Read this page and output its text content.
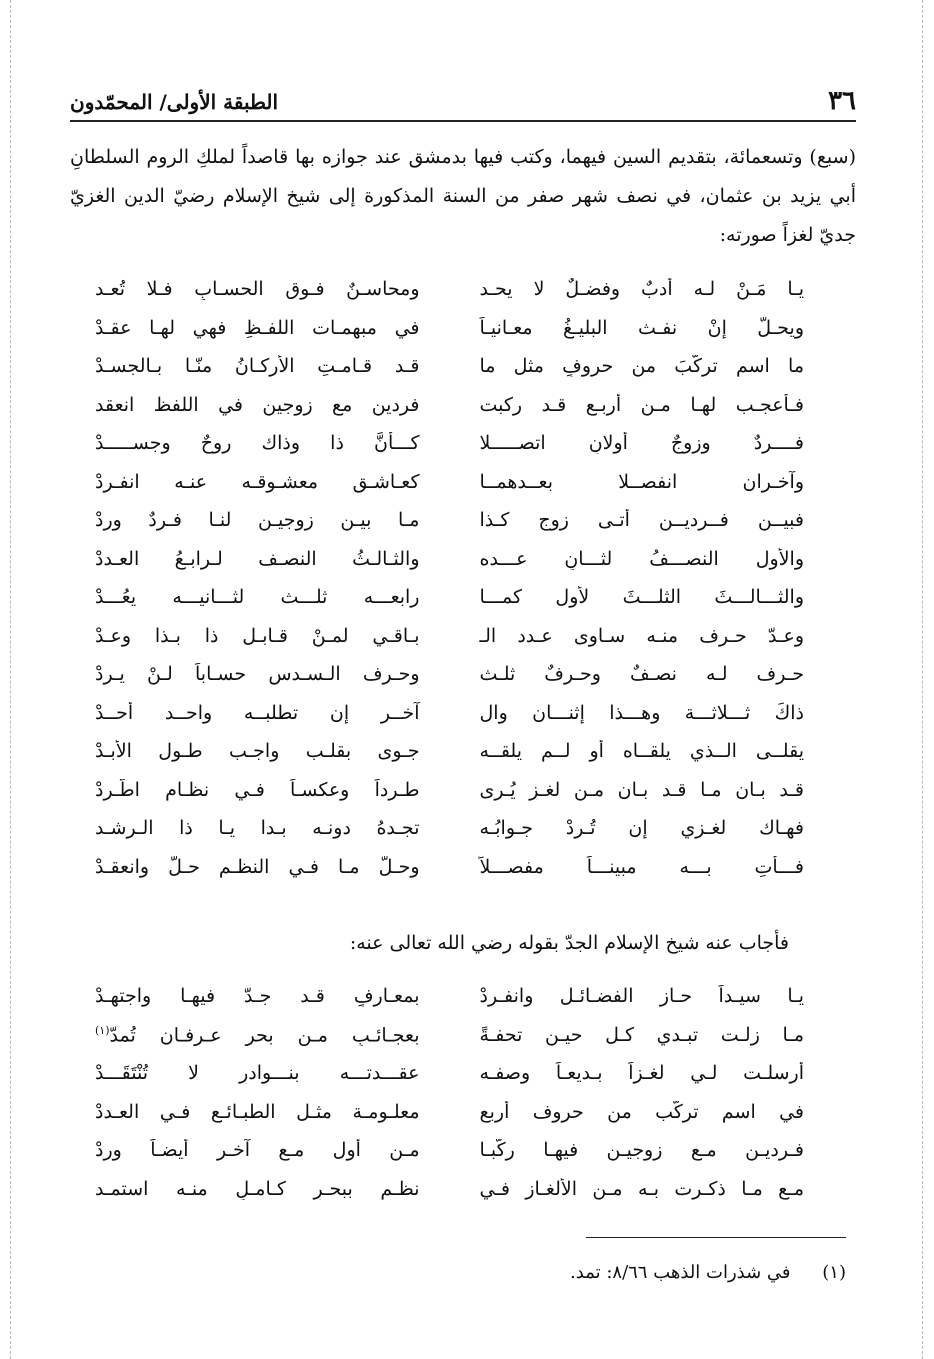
٣٦
الطبقة الأولى/ المحمّدون
(سبع) وتسعمائة، بتقديم السين فيهما، وكتب فيها بدمشق عند جوازه بها قاصداً لملكِ الروم السلطانِ أبي يزيد بن عثمان، في نصف شهر صفر من السنة المذكورة إلى شيخ الإسلام رضيّ الدين الغزيّ جديّ لغزاً صورته:
يـا مَـنْ لـه أدبٌ وفضـلٌ لا يحـد
ومحاسـنٌ فـوق الحسـابِ فـلا تُعـد
ويحـلُّ إنْ نفـث البليـغُ معـانيـاً
في مبهمـات اللفـظِ فهي لهـا عقـدْ
ما اسم تركَّبَ من حروفٍ مثل ما
قـد قـامـتِ الأركـانُ منّـا بـالجسـدْ
فـأعجـب لهـا مـن أربـع قـد ركبت
فردين مع زوجين في اللفظ انعقد
فــــردٌ وزوجٌ أولانِ اتصـــــلا
كـــأنَّ ذا وذاك روحٌ وجســـــدْ
وآخـران انفصــلا بعــدهمــا
كعـاشـقٍ معشـوقـه عنـه انفـردْ
فبيــن فــرديــنِ أتـى زوج كـذا
مـا بيـن زوجيـن لنـا فـردٌ وردْ
والأول النصـــفُ لثـــانٍ عـــده
والثـالـثُ النصـف لـرابـعُ العـددْ
والثـــالـــثَ الثلـــثَ لأول كمـــا
رابعـــه ثلـــث لثـــانيـــه يعُـــدْ
وعـدّ حـرف منـه سـاوى عـدد الـ
بـاقـي لمـنْ قـابـل ذا بـذا وعـدْ
حـرف لـه نصـفٌ وحـرفٌ ثلـث
وحـرف الـسـدس حسـاباً لـنْ يـردْ
ذاكَ ثـــلاثـــة وهـــذا إثنـــان وال
آخــر إن تطلبــه واحــد أحــدْ
يقلــى الــذي يلقــاه أو لــم يلقــه
جـوى بقلـب واجـب طـول الأبـدْ
قـد بـان مـا قـد بـان مـن لغـز يُـرى
طـرداً وعكسـاً فـي نظـام اطّـردْ
فهـاك لغـزي إن تُـردْ جـوابُـه
تجـدهُ دونـه بـدا يـا ذا الـرشـد
فـــأتِ بـــه مبينـــاً مفصـــلاً
وحـلّ مـا فـي النظـم حـلّ وانعقـدْ
فأجاب عنه شيخ الإسلام الجدّ بقوله رضي الله تعالى عنه:
يـا سيـداً حـاز الفضـائـل وانفـردْ
بمعـارفٍ قـد جـدّ فيهـا واجتهـدْ
مـا زلـت تبـدي كـل حيـنٍ تحفـةً
بعجـائـبٍ مـن بحر عـرفـان تُمدّ$^{(١)}$
أرسلـت لـي لغـزاً بـديعـاً وصفـه
عقـــدتـــه بنـــوادرٍ لا تُنْتَقَـــدْ
في اسم تركّب من حروف أربع
معلـومـة مثـل الطبـائـع فـي العـددْ
فـرديـن مـع زوجيـن فيهـا ركّبـا
مـن أول مـع آخـر أيضـاً وردْ
مـع مـا ذكـرت بـه مـن الألغـاز فـي
نظـم ببحـرٍ كـامـلٍ منـه استمـد
(١) في شذرات الذهب ٨/٦٦: تمد.
